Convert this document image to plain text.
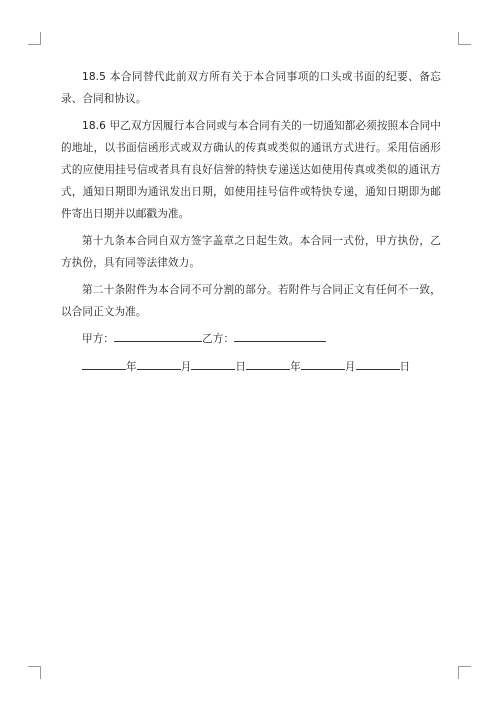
18.5 本合同替代此前双方所有关于本合同事项的口头或书面的纪要、备忘录、合同和协议。

18.6 甲乙双方因履行本合同或与本合同有关的一切通知都必须按照本合同中的地址，以书面信函形式或双方确认的传真或类似的通讯方式进行。采用信函形式的应使用挂号信或者具有良好信誉的特快专递送达如使用传真或类似的通讯方式，通知日期即为通讯发出日期，如使用挂号信件或特快专递，通知日期即为邮件寄出日期并以邮戳为准。

第十九条本合同自双方签字盖章之日起生效。本合同一式份，甲方执份，乙方执份，具有同等法律效力。

第二十条附件为本合同不可分割的部分。若附件与合同正文有任何不一致，以合同正文为准。

甲方：	乙方：
年	月	日	年	月	日
